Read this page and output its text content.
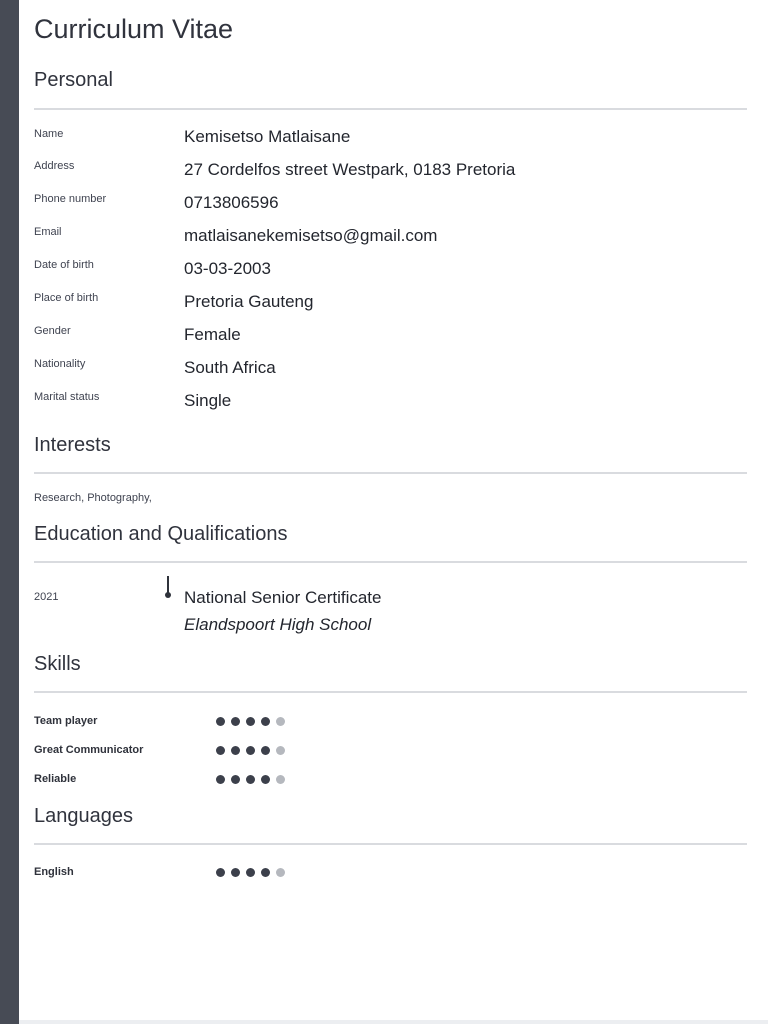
Curriculum Vitae
Personal
Name	Kemisetso Matlaisane
Address	27 Cordelfos street Westpark, 0183 Pretoria
Phone number	0713806596
Email	matlaisanekemisetso@gmail.com
Date of birth	03-03-2003
Place of birth	Pretoria Gauteng
Gender	Female
Nationality	South Africa
Marital status	Single
Interests
Research, Photography,
Education and Qualifications
2021	National Senior Certificate
Elandspoort High School
Skills
Team player
Great Communicator
Reliable
Languages
English
